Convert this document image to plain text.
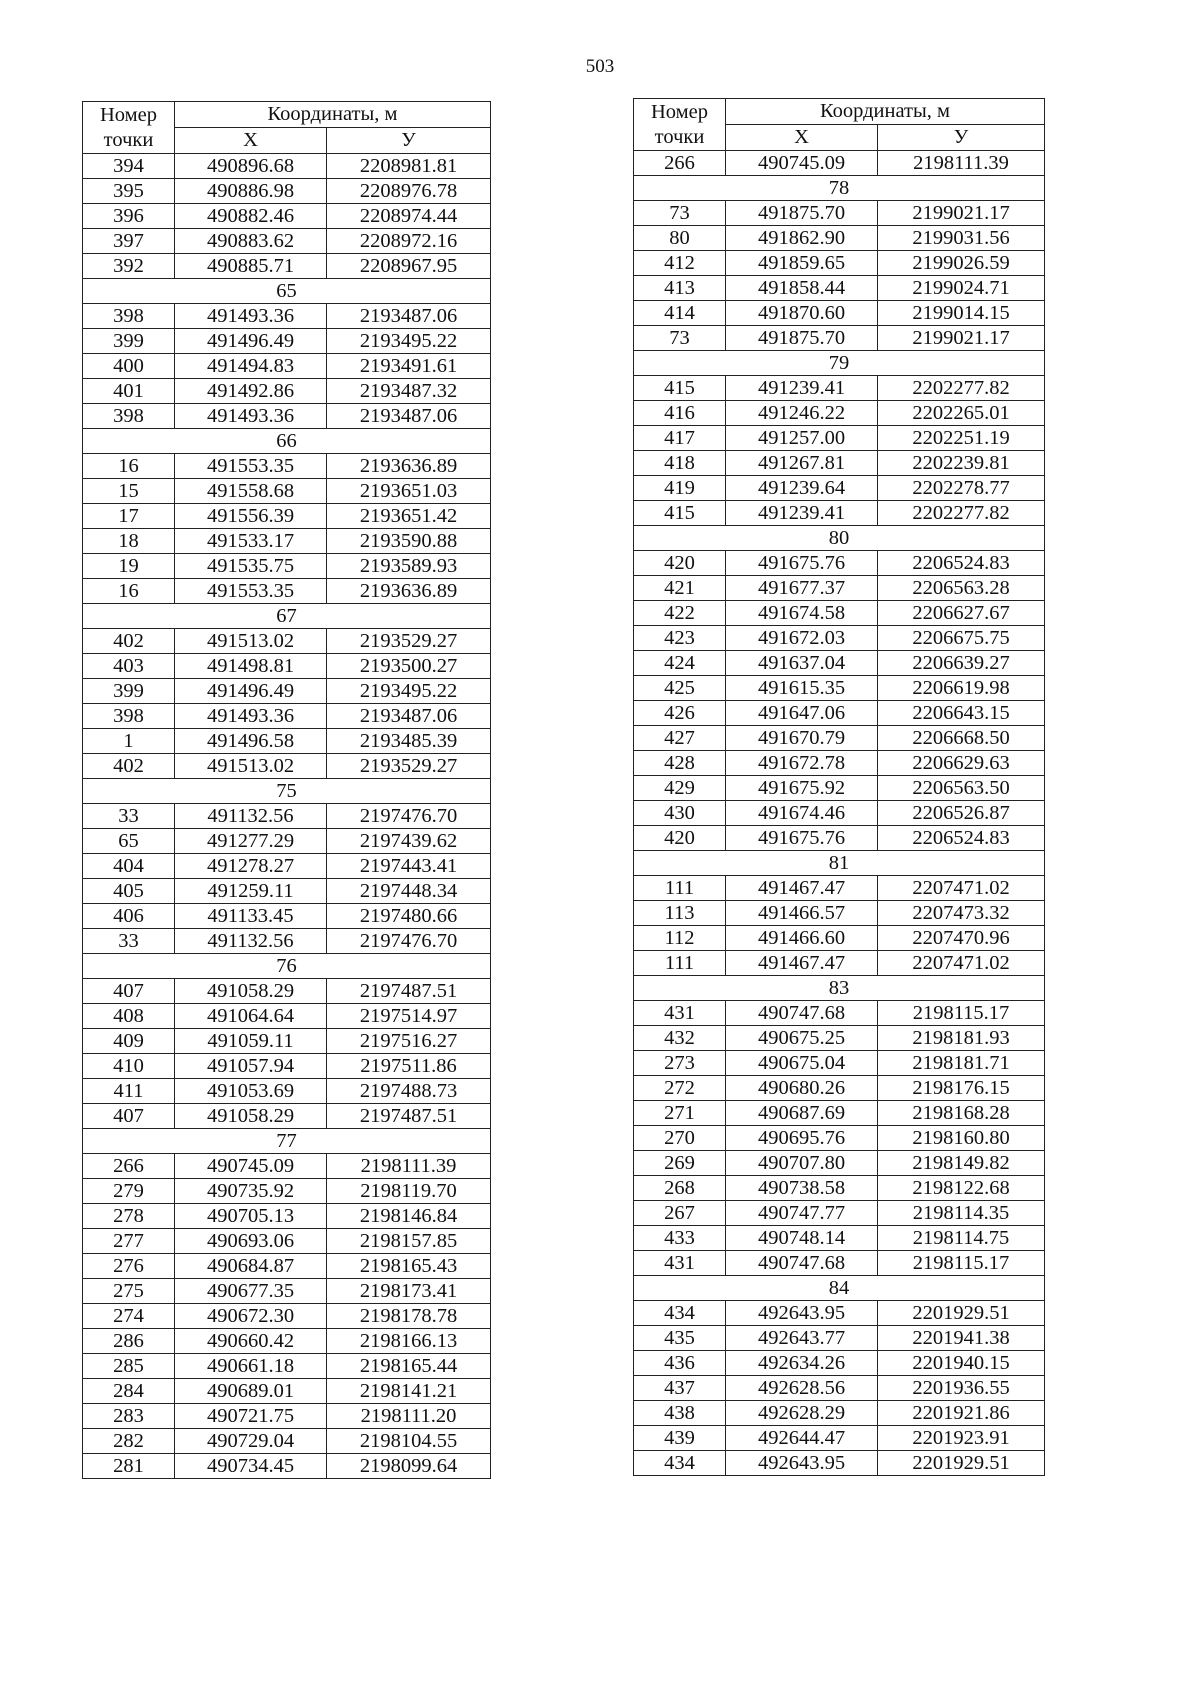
503
Номер	Координаты, м	
точки	X	У
394	490896.68	2208981.81
395	490886.98	2208976.78
396	490882.46	2208974.44
397	490883.62	2208972.16
392	490885.71	2208967.95
65		
398	491493.36	2193487.06
399	491496.49	2193495.22
400	491494.83	2193491.61
401	491492.86	2193487.32
398	491493.36	2193487.06
66		
16	491553.35	2193636.89
15	491558.68	2193651.03
17	491556.39	2193651.42
18	491533.17	2193590.88
19	491535.75	2193589.93
16	491553.35	2193636.89
67		
402	491513.02	2193529.27
403	491498.81	2193500.27
399	491496.49	2193495.22
398	491493.36	2193487.06
1	491496.58	2193485.39
402	491513.02	2193529.27
75		
33	491132.56	2197476.70
65	491277.29	2197439.62
404	491278.27	2197443.41
405	491259.11	2197448.34
406	491133.45	2197480.66
33	491132.56	2197476.70
76		
407	491058.29	2197487.51
408	491064.64	2197514.97
409	491059.11	2197516.27
410	491057.94	2197511.86
411	491053.69	2197488.73
407	491058.29	2197487.51
77		
266	490745.09	2198111.39
279	490735.92	2198119.70
278	490705.13	2198146.84
277	490693.06	2198157.85
276	490684.87	2198165.43
275	490677.35	2198173.41
274	490672.30	2198178.78
286	490660.42	2198166.13
285	490661.18	2198165.44
284	490689.01	2198141.21
283	490721.75	2198111.20
282	490729.04	2198104.55
281	490734.45	2198099.64
Номер	Координаты, м	
точки	X	У
266	490745.09	2198111.39
78		
73	491875.70	2199021.17
80	491862.90	2199031.56
412	491859.65	2199026.59
413	491858.44	2199024.71
414	491870.60	2199014.15
73	491875.70	2199021.17
79		
415	491239.41	2202277.82
416	491246.22	2202265.01
417	491257.00	2202251.19
418	491267.81	2202239.81
419	491239.64	2202278.77
415	491239.41	2202277.82
80		
420	491675.76	2206524.83
421	491677.37	2206563.28
422	491674.58	2206627.67
423	491672.03	2206675.75
424	491637.04	2206639.27
425	491615.35	2206619.98
426	491647.06	2206643.15
427	491670.79	2206668.50
428	491672.78	2206629.63
429	491675.92	2206563.50
430	491674.46	2206526.87
420	491675.76	2206524.83
81		
111	491467.47	2207471.02
113	491466.57	2207473.32
112	491466.60	2207470.96
111	491467.47	2207471.02
83		
431	490747.68	2198115.17
432	490675.25	2198181.93
273	490675.04	2198181.71
272	490680.26	2198176.15
271	490687.69	2198168.28
270	490695.76	2198160.80
269	490707.80	2198149.82
268	490738.58	2198122.68
267	490747.77	2198114.35
433	490748.14	2198114.75
431	490747.68	2198115.17
84		
434	492643.95	2201929.51
435	492643.77	2201941.38
436	492634.26	2201940.15
437	492628.56	2201936.55
438	492628.29	2201921.86
439	492644.47	2201923.91
434	492643.95	2201929.51
